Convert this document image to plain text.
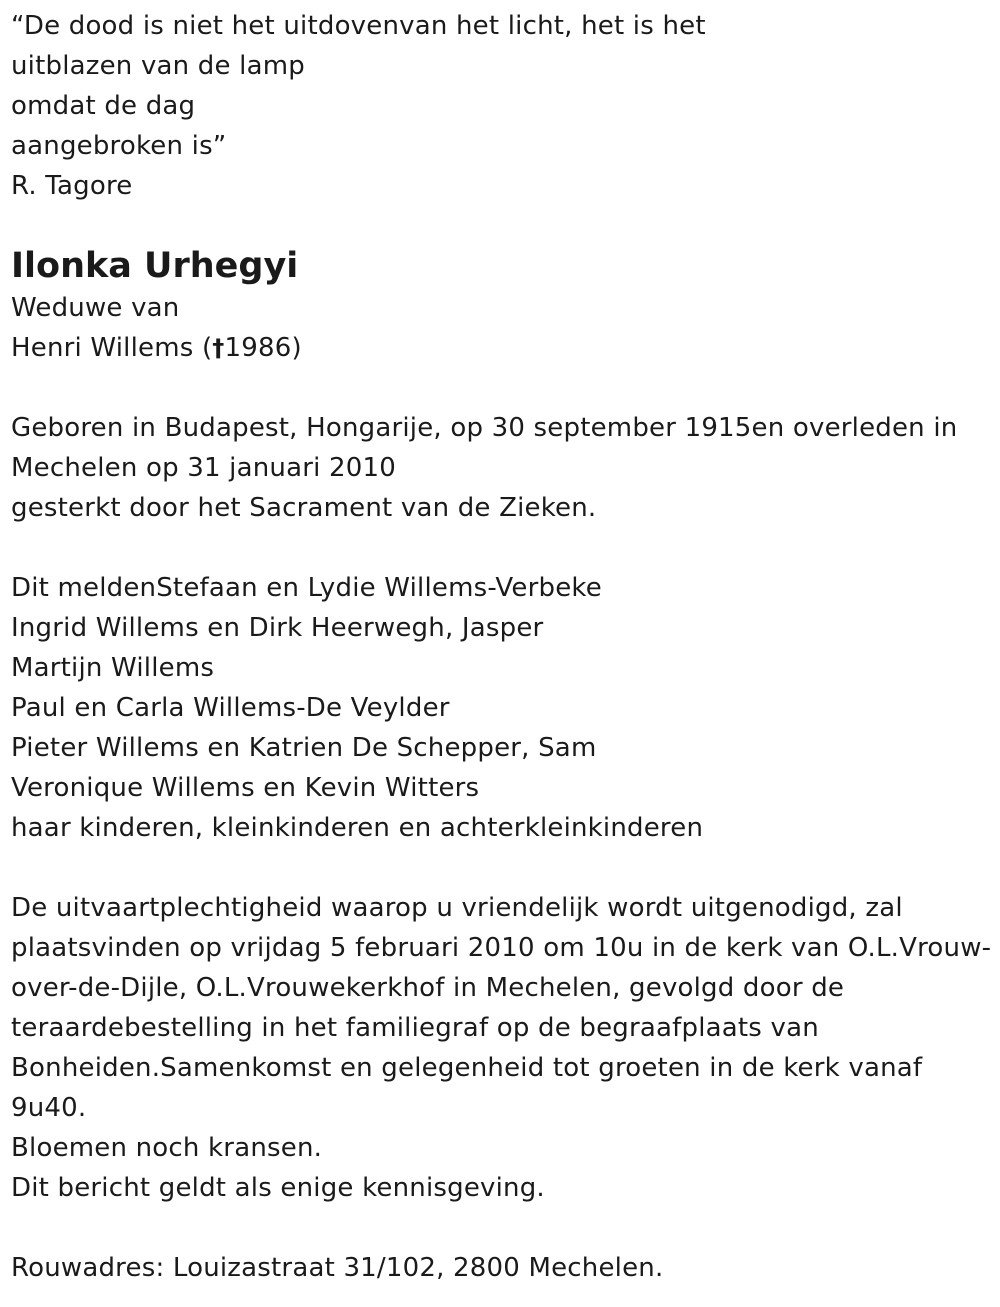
“De dood is niet het uitdovenvan het licht, het is het
uitblazen van de lamp
omdat de dag
aangebroken is”
R. Tagore
Ilonka Urhegyi
Weduwe van
Henri Willems (†1986)
Geboren in Budapest, Hongarije, op 30 september 1915en overleden in
Mechelen op 31 januari 2010
gesterkt door het Sacrament van de Zieken.
Dit meldenStefaan en Lydie Willems-Verbeke
Ingrid Willems en Dirk Heerwegh, Jasper
Martijn Willems
Paul en Carla Willems-De Veylder
Pieter Willems en Katrien De Schepper, Sam
Veronique Willems en Kevin Witters
haar kinderen, kleinkinderen en achterkleinkinderen
De uitvaartplechtigheid waarop u vriendelijk wordt uitgenodigd, zal
plaatsvinden op vrijdag 5 februari 2010 om 10u in de kerk van O.L.Vrouw-
over-de-Dijle, O.L.Vrouwekerkhof in Mechelen, gevolgd door de
teraardebestelling in het familiegraf op de begraafplaats van
Bonheiden.Samenkomst en gelegenheid tot groeten in de kerk vanaf
9u40.
Bloemen noch kransen.
Dit bericht geldt als enige kennisgeving.
Rouwadres: Louizastraat 31/102, 2800 Mechelen.
